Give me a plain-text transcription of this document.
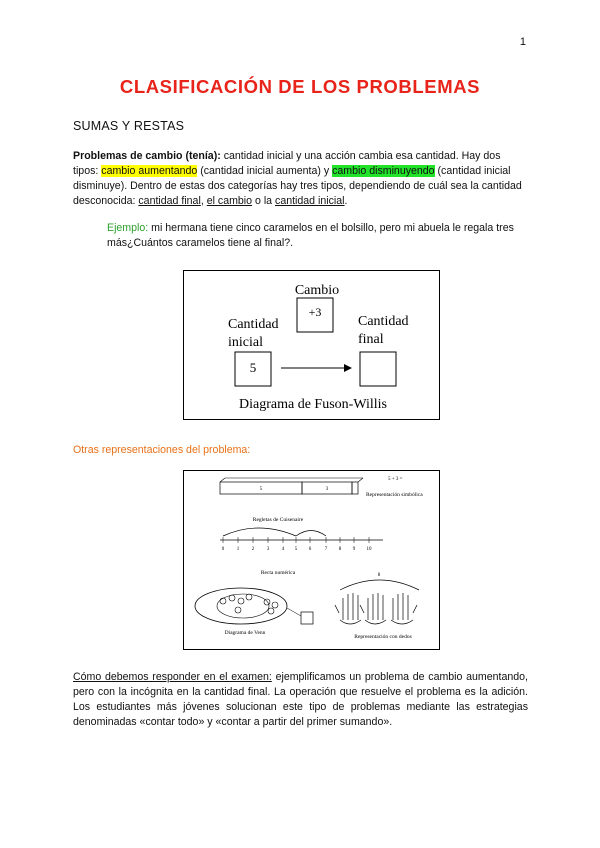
1
CLASIFICACIÓN DE LOS PROBLEMAS
SUMAS Y RESTAS
Problemas de cambio (tenía): cantidad inicial y una acción cambia esa cantidad. Hay dos tipos: cambio aumentando (cantidad inicial aumenta) y cambio disminuyendo (cantidad inicial disminuye). Dentro de estas dos categorías hay tres tipos, dependiendo de cuál sea la cantidad desconocida: cantidad final, el cambio o la cantidad inicial.
Ejemplo: mi hermana tiene cinco caramelos en el bolsillo, pero mi abuela le regala tres más¿Cuántos caramelos tiene al final?.
Cambio
+3
Cantidad
inicial
5
Cantidad
final
Diagrama de Fuson-Willis
Otras representaciones del problema:
5 + 3 =
5	3
Representación simbólica
Regletas de Cuisenaire
0	1	2	3	4 5 6	7 8 9 10
Recta numérica
Diagrama de Venn
8
Representación con dedos
Cómo debemos responder en el examen: ejemplificamos un problema de cambio aumentando, pero con la incógnita en la cantidad final. La operación que resuelve el problema es la adición. Los estudiantes más jóvenes solucionan este tipo de problemas mediante las estrategias denominadas «contar todo» y «contar a partir del primer sumando».
